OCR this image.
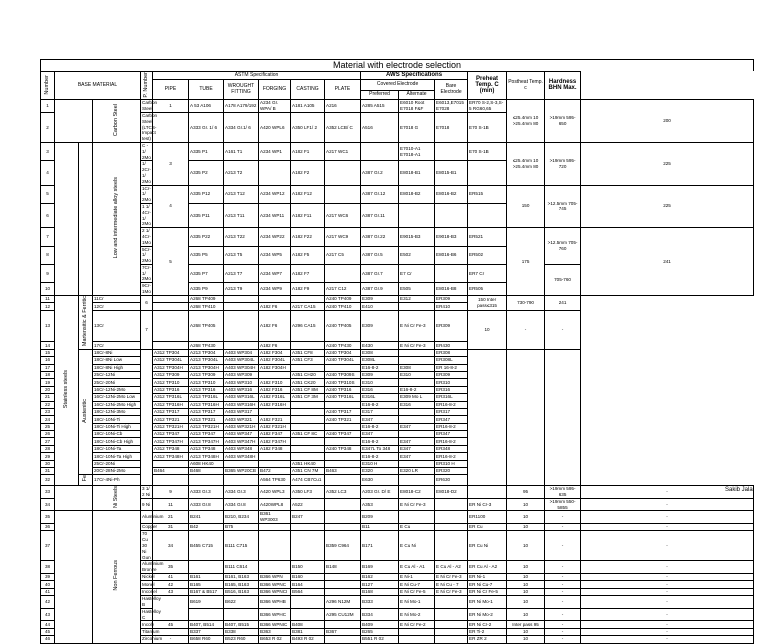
Material with electrode selection
Number	BASE MATERIAL			P. Number	ASTM Specification						AWS Specifications			Preheat Temp. C (min)	Postheat Temp. c	Hardness BHN Max.	
					PIPE	TUBE	WROUGHT FITTING	FORGING	CASTING	PLATE	Covered Electrode		Bare Electrode				
											Preferred	Alternate					
1			Carbon Steel	Carbon Steel	1	A 53 A106	A178 A179/192	A234 Gr. WPA/ B	A181 A105	A216	A285 A515	E6010 Root E7018 F&F	E6013,E7015 E7028	ER70 S-2,S-3,S-5 RG60,65	≤25.4mm 10 >25.4mm 80	>19mm 595-650	200
2				Carbon Steel (LTCS-Impact test)		A333 Gr. 1/ 6	A334 Gr.1/ 6	A420 WPL6	A350 LF1/ 2	A352 LCB/ C	A516	E7018 G	E7018	E70 S-1B			
3			Low and intermediate alloy steels	C - 1/ 2Mo	3	A335 P1	A161 T1	A234 WP1	A182 F1	A217 WC1		E7010-A1 E7018-A1		E70 S-1B	≤25.4mm 10 >25.4mm 80	>19mm 595-720	225
4				1/ 2Cr- 1/ 2Mo		A335 P2	A213 T2		A182 F2		A387 Gr.2	E8018-B1	E8015-B1				
5				1Cr- 1/ 2Mo	4	A335 P12	A213 T12	A234 WP12	A182 F12		A387 Gr.12	E8018-B2	E8016-B2	ER515	150	>12.5mm 705-745	225
6				1 1/ 4Cr- 1/ 2Mo		A335 P11	A213 T11	A234 WP11	A182 F11	A217 WC6	A387 Gr.11						
7				2 1/ 4Cr- 1Mo	5	A335 P22	A213 T22	A234 WP22	A182 F22	A217 WC9	A387 Gr.22	E9015-B3	E9018-B3	ER521	175	>12.5mm 705-760	241
8				5Cr- 1/ 2Mo		A335 P5	A213 T5	A234 WP5	A182 F5	A217 C5	A387 Gr.5	E502	E8016-B6	ER502			
9				7Cr- 1/ 2Mo		A335 P7	A213 T7	A234 WP7	A182 F7		A387 Gr.7	E7 Cr		ER7 Cr		705-760	
10				9Cr- 1Mo		A335 P9	A213 T9	A234 WP9	A182 F9	A217 C12	A387 Gr.9	E505	E8016-B8	ER505			
11	Stainless steels	Martensitic & Ferritic	11Cr	6		A268 TP409				A240 TP409	E309	E312	ER309	150 Inter pass≤315	730-790	241	
12			12Cr			A268 TP410		A182 F6	A217 CA15	A240 TP410	E410		ER410				
13			13Cr	7		A268 TP405		A182 F6	A296 CA15	A240 TP405	E309	E Ni Cr Fe-3	ER309	10	-	-	
14			17Cr			A268 TP430		A182 F6		A240 TP430	E430	E Ni Cr Fe-3	ER430				
15		Austenitic	18Cr-8Ni		A312 TP304	A213 TP304	A403 WP304	A182 F304	A351 CF8	A240 TP304	E308		ER308				
16			18Cr-8Ni Low		A312 TP304L	A213 TP304L	A403 WP304L	A182 F304L	A351 CF3	A240 TP304L	E308L		ER308L				
17			18Cr-8Ni High		A312 TP304H	A213 TP304H	A403 WP304H	A182 F304H			E16-8-2	E308	ER 16-8-2				
18			25Cr-12Ni		A312 TP309	A213 TP309	A403 WP309		A351 CH20	A240 TP309S	E309	E310	ER309				
19			25Cr-20Ni		A312 TP310	A213 TP310	A403 WP310	A182 F310	A351 CK20	A240 TP310S	E310		ER310				
20			16Cr-12Ni-2Mo		A312 TP316	A213 TP316	A403 WP316	A182 F316	A351 CF 8M	A240 TP316	E316	E16-8-2	ER316				
21			16Cr-12Ni-2Mo Low		A312 TP316L	A213 TP316L	A403 WP316L	A182 F316L	A351 CF 3M	A240 TP316L	E316L	E309 Mo L	ER316L				
22			16Cr-12Ni-2Mo High		A312 TP316H	A213 TP316H	A403 WP316H	A182 F316H			E16-8-2	E316	ER16-8-2				
23			18Cr-12Ni-3Mo		A312 TP317	A213 TP317	A403 WP317			A240 TP317	E317		ER317				
24			18Cr-10Ni-Ti		A312 TP321	A213 TP321	A403 WP321	A182 F321		A240 TP321	E347		ER347				
25			18Cr-10Ni-Ti High		A312 TP321H	A213 TP321H	A403 WP321H	A182 F321H			E16-8-2	E347	ER16-8-2				
26			18Cr-10Ni-Cb		A312 TP347	A213 TP347	A403 WP347	A182 F347	A351 CF 8C	A240 TP347	E347		ER347				
27			18Cr-10Ni-Cb High		A312 TP347H	A213 TP347H	A403 WP347H	A182 F347H			E16-8-2	E347	ER16-8-2				
28			18Cr-10Ni-Ta		A312 TP348	A213 TP348	A403 WP348	A182 F348		A240 TP348	E347L To 348	E347	ER348				
29			18Cr-10Ni-Ta High		A312 TP348H	A213 TP348H	A403 WP348H				E16-8-2	E347	ER16-8-2				
30			25Cr-20Ni			A608 HK40			A351 HK40		E310 H		ER310 H				
31			20Cr-28Ni-2Mo		B464	B468	B365 WP20CB	B472	A351 CN 7M	B463	E320	E320 LR	ER320				
32		Fe	17Cr-4Ni-Ph					A564 TP630	A474 CB7Cu1		E630		ER630				
33			Ni Steels	3 1/ 2 Ni	9	A333 Gr.3	A334 Gr.3	A420 WPL3	A350 LF3	A352 LC3	A203 Gr. D/ E	E8018-C2	E8018-D2		95	>19mm 595-635	-
34				9 Ni	11	A333 Gr.8	A334 Gr.8	A420WPL8	A522		A353	E Ni Cr Fe-3		ER Ni Cr-3	10	>19mm 550-5855	-
35			Non Ferrous	Aluminium	21	B241	B210, B234	B361 WP3003	B247		B209			ER1100	10	-	-
36				Copper	31	B42	B75				B11	E Cu		ER Cu	10	-	-
37				70 Cu 30 Ni Gun	34	B455 C715	B111 C715			B359 C964	B171	E Cu Ni		ER Cu Ni	10	-	-
38				Aluminium Bronze	35		B111 C614		B150	B148	B169	E Cu Al - A1	E Cu Al - A2	ER Cu Al - A2	10	-	-
39				Nickel	41	B161	B161, B163	B366 WPN	B160		B162	E Ni-1	E Ni Cr Fe-3	ER Ni-1	10	-	-
40				Monel	42	B165	B165, B163	B366 WPNC	B164		B127	E Ni Cu-7	E Ni Cu - 7	ER Ni Cu-7	10	-	-
41				Inconel	43	B167 & B517	B516, B163	B366 WPNCI	B564		B168	E Ni Cr Fe-5	E Ni Cr Fe-3	ER Ni Cr Fe-5	10	-	-
42				Hastelloy B		B619	B622	B366 WPHB		A296 N12M	B333	E Ni Mo-1		ER Ni Mo-1	10	-	-
43				Hastelloy C				B366 WPHC		A295 CU12M	B334	E Ni Mo-2		ER Ni Mo-2	10	-	-
44				Incoly	45	B407, B514	B407, B515	B366 WPNIC	B408		B409	E Ni Cr Fe-2		ER Ni Cr-2	Inter pass 95	-	-
45				Titanium		B337	B338	B363	B381	B367	B265			ER Ti-2	10	-	-
46				Zirconium	-	B658 R60	B523 R60	B653 R 02	B493 R 02		B551 R 02			ER ZR 2	10	-	-
Sakib Jalal
